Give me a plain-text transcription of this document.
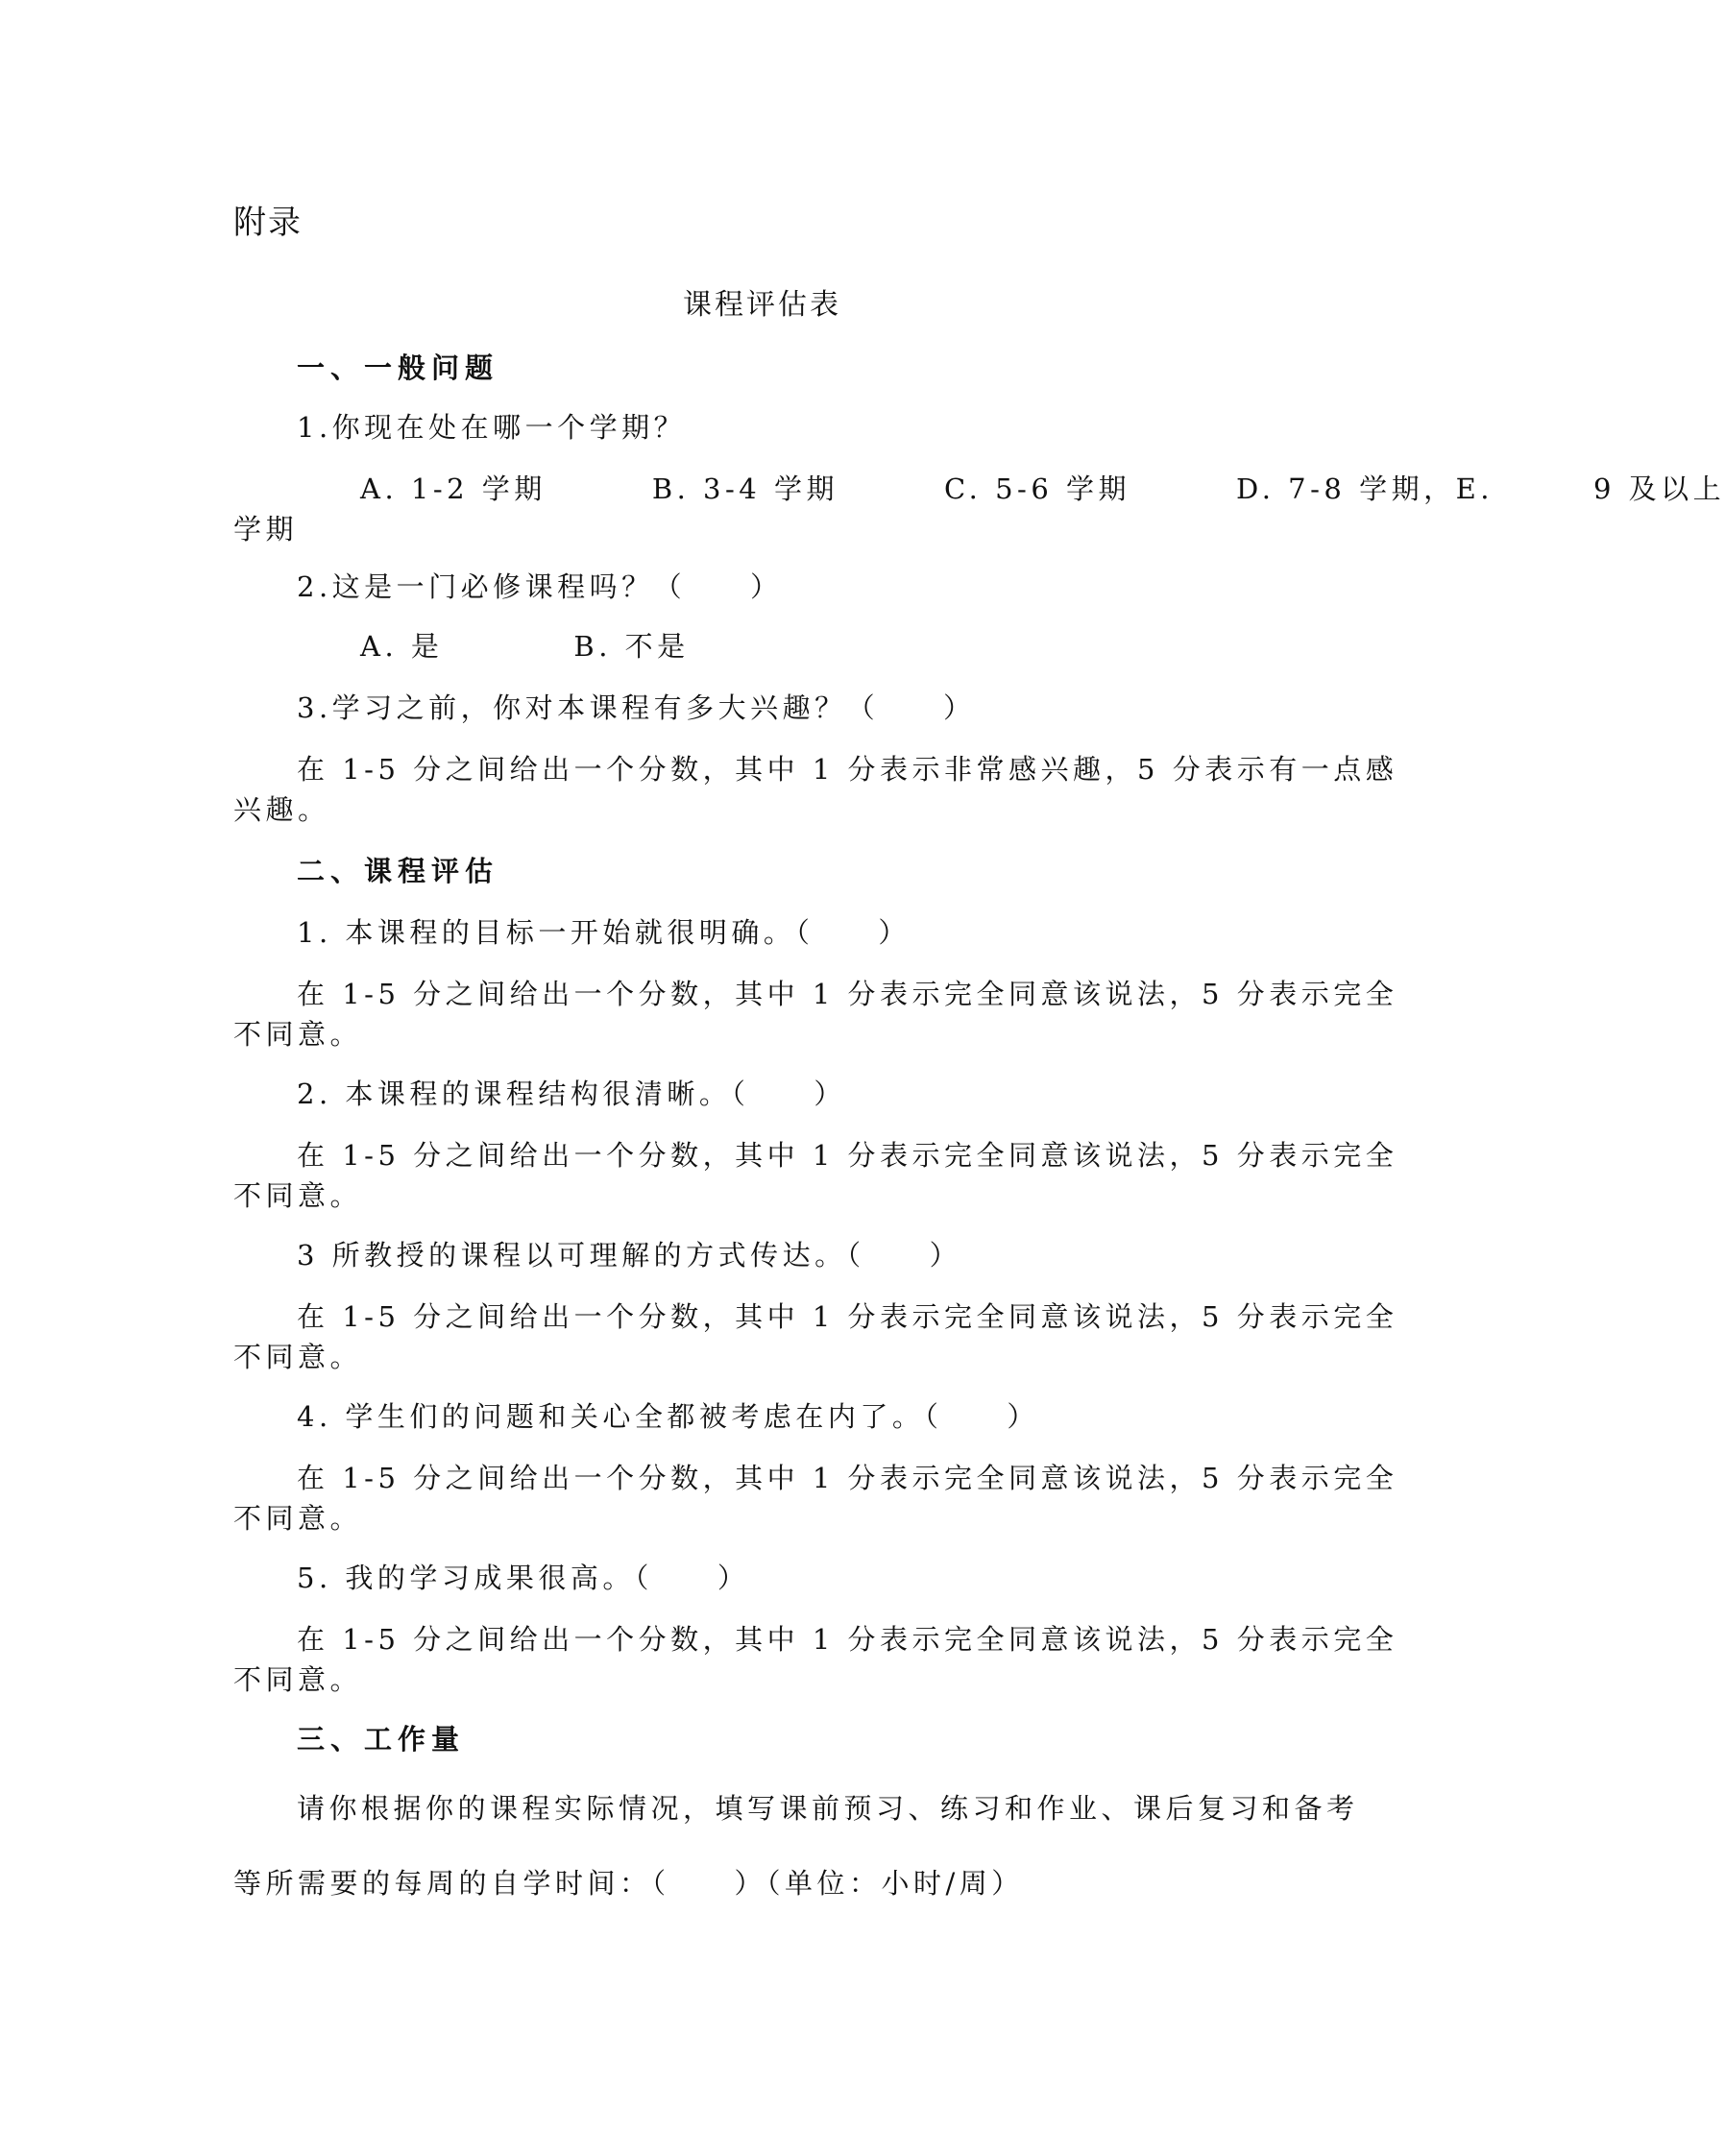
附录
课程评估表
一、一般问题
1.你现在处在哪一个学期？
A. 1-2 学期	B. 3-4 学期	C. 5-6 学期	D. 7-8 学期，E.	9 及以上
学期
2.这是一门必修课程吗？（　　）
A. 是	B. 不是
3.学习之前，你对本课程有多大兴趣？（　　）
在 1-5 分之间给出一个分数，其中 1 分表示非常感兴趣，5 分表示有一点感
兴趣。
二、课程评估
1. 本课程的目标一开始就很明确。（　　）
在 1-5 分之间给出一个分数，其中 1 分表示完全同意该说法，5 分表示完全
不同意。
2. 本课程的课程结构很清晰。（　　）
在 1-5 分之间给出一个分数，其中 1 分表示完全同意该说法，5 分表示完全
不同意。
3 所教授的课程以可理解的方式传达。（　　）
在 1-5 分之间给出一个分数，其中 1 分表示完全同意该说法，5 分表示完全
不同意。
4. 学生们的问题和关心全都被考虑在内了。（　　）
在 1-5 分之间给出一个分数，其中 1 分表示完全同意该说法，5 分表示完全
不同意。
5. 我的学习成果很高。（　　）
在 1-5 分之间给出一个分数，其中 1 分表示完全同意该说法，5 分表示完全
不同意。
三、工作量
请你根据你的课程实际情况，填写课前预习、练习和作业、课后复习和备考
等所需要的每周的自学时间：（　　）（单位：小时/周）
